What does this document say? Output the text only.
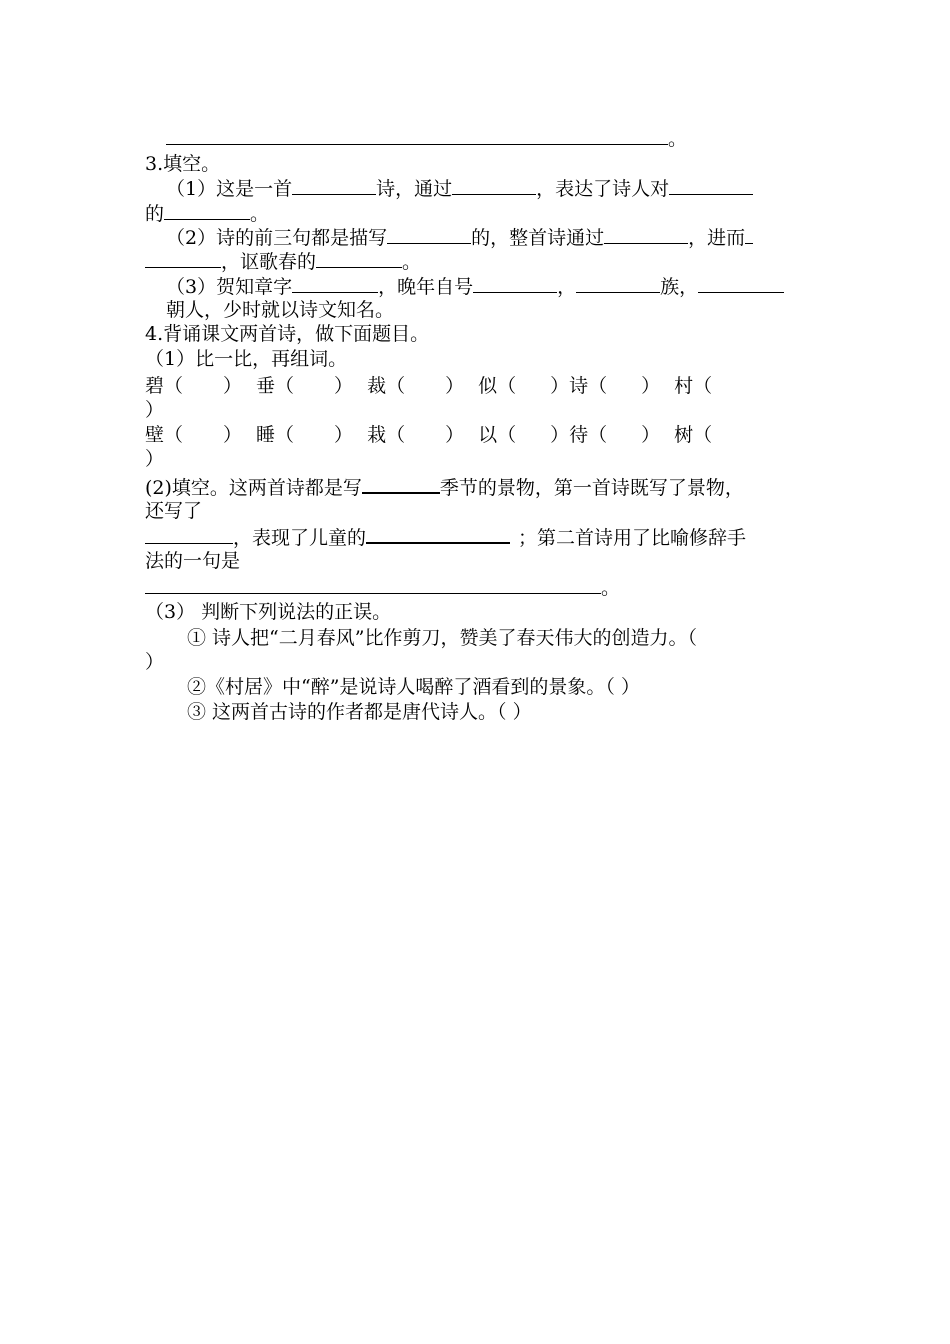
。
3.填空。
（1）这是一首	诗，通过	，表达了诗人对
的	。
（2）诗的前三句都是描写	的，整首诗通过	，进而
，讴歌春的	。
（3）贺知章字	，晚年自号	，	族，
朝人，少时就以诗文知名。
4.背诵课文两首诗，做下面题目。
（1）比一比，再组词。
碧（ ） 垂（ ） 裁（ ） 似（ ）诗（ ） 村（
）
壁（ ） 睡（ ） 栽（ ） 以（ ）待（ ） 树（
）
(2)填空。这两首诗都是写	季节的景物，第一首诗既写了景物，
还写了
，表现了儿童的	；第二首诗用了比喻修辞手
法的一句是
。
（3） 判断下列说法的正误。
① 诗人把“二月春风”比作剪刀，赞美了春天伟大的创造力。（
）
②《村居》中“醉”是说诗人喝醉了酒看到的景象。（ ）
③ 这两首古诗的作者都是唐代诗人。（ ）
